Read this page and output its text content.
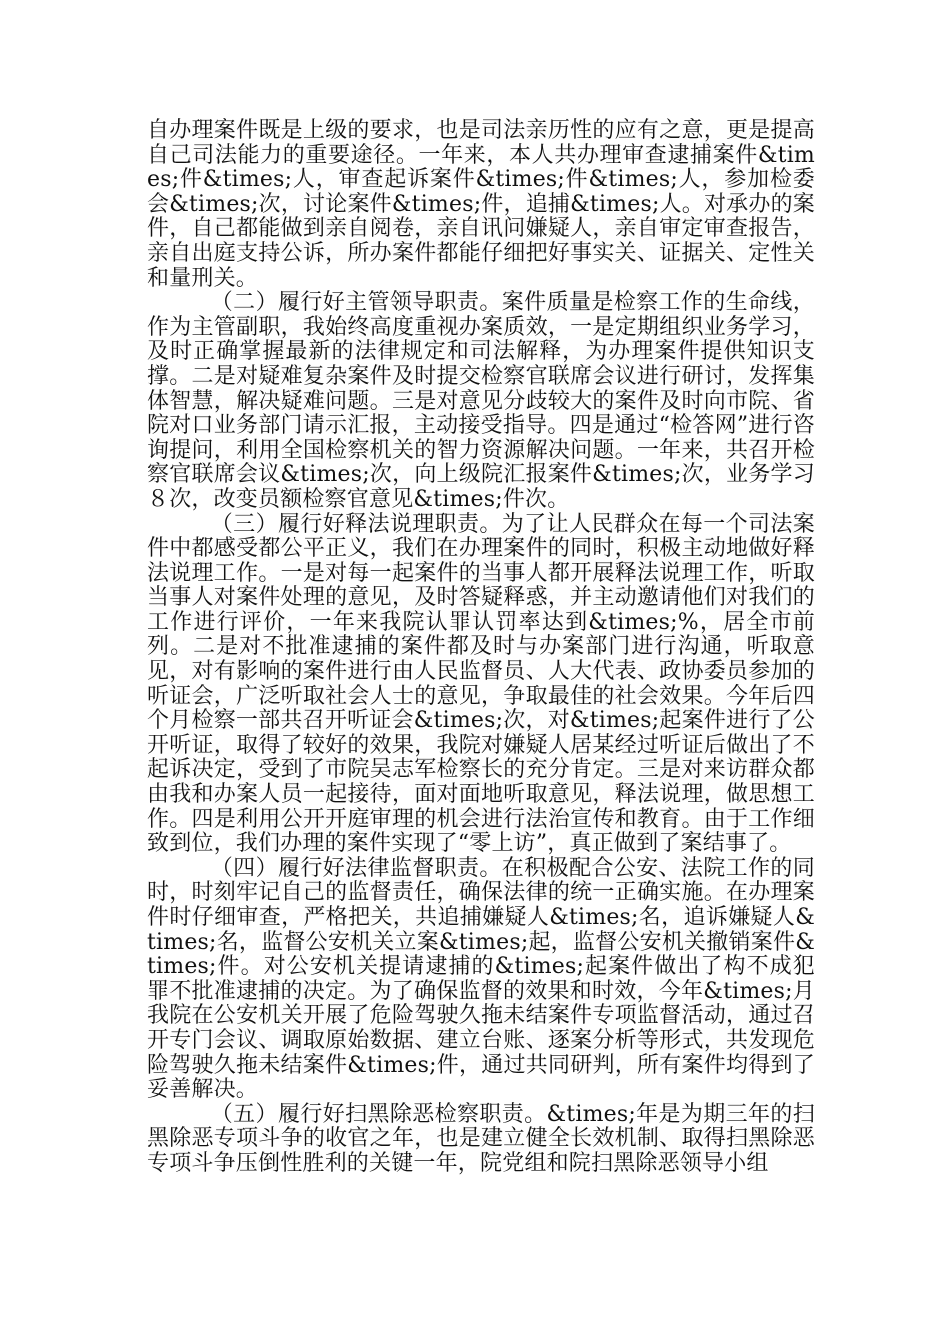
自办理案件既是上级的要求，也是司法亲历性的应有之意，更是提高自己司法能力的重要途径。一年来，本人共办理审查逮捕案件&times;件&times;人，审查起诉案件&times;件&times;人，参加检委会&times;次，讨论案件&times;件，追捕&times;人。对承办的案件，自己都能做到亲自阅卷，亲自讯问嫌疑人，亲自审定审查报告，亲自出庭支持公诉，所办案件都能仔细把好事实关、证据关、定性关和量刑关。

（二）履行好主管领导职责。案件质量是检察工作的生命线，作为主管副职，我始终高度重视办案质效，一是定期组织业务学习，及时正确掌握最新的法律规定和司法解释，为办理案件提供知识支撑。二是对疑难复杂案件及时提交检察官联席会议进行研讨，发挥集体智慧，解决疑难问题。三是对意见分歧较大的案件及时向市院、省院对口业务部门请示汇报，主动接受指导。四是通过“检答网”进行咨询提问，利用全国检察机关的智力资源解决问题。一年来，共召开检察官联席会议&times;次，向上级院汇报案件&times;次，业务学习８次，改变员额检察官意见&times;件次。

（三）履行好释法说理职责。为了让人民群众在每一个司法案件中都感受都公平正义，我们在办理案件的同时，积极主动地做好释法说理工作。一是对每一起案件的当事人都开展释法说理工作，听取当事人对案件处理的意见，及时答疑释惑，并主动邀请他们对我们的工作进行评价，一年来我院认罪认罚率达到&times;%，居全市前列。二是对不批准逮捕的案件都及时与办案部门进行沟通，听取意见，对有影响的案件进行由人民监督员、人大代表、政协委员参加的听证会，广泛听取社会人士的意见，争取最佳的社会效果。今年后四个月检察一部共召开听证会&times;次，对&times;起案件进行了公开听证，取得了较好的效果，我院对嫌疑人居某经过听证后做出了不起诉决定，受到了市院吴志军检察长的充分肯定。三是对来访群众都由我和办案人员一起接待，面对面地听取意见，释法说理，做思想工作。四是利用公开开庭审理的机会进行法治宣传和教育。由于工作细致到位，我们办理的案件实现了“零上访”，真正做到了案结事了。

（四）履行好法律监督职责。在积极配合公安、法院工作的同时，时刻牢记自己的监督责任，确保法律的统一正确实施。在办理案件时仔细审查，严格把关，共追捕嫌疑人&times;名，追诉嫌疑人&times;名，监督公安机关立案&times;起，监督公安机关撤销案件&times;件。对公安机关提请逮捕的&times;起案件做出了构不成犯罪不批准逮捕的决定。为了确保监督的效果和时效，今年&times;月我院在公安机关开展了危险驾驶久拖未结案件专项监督活动，通过召开专门会议、调取原始数据、建立台账、逐案分析等形式，共发现危险驾驶久拖未结案件&times;件，通过共同研判，所有案件均得到了妥善解决。

（五）履行好扫黑除恶检察职责。&times;年是为期三年的扫黑除恶专项斗争的收官之年，也是建立健全长效机制、取得扫黑除恶专项斗争压倒性胜利的关键一年，院党组和院扫黑除恶领导小组
